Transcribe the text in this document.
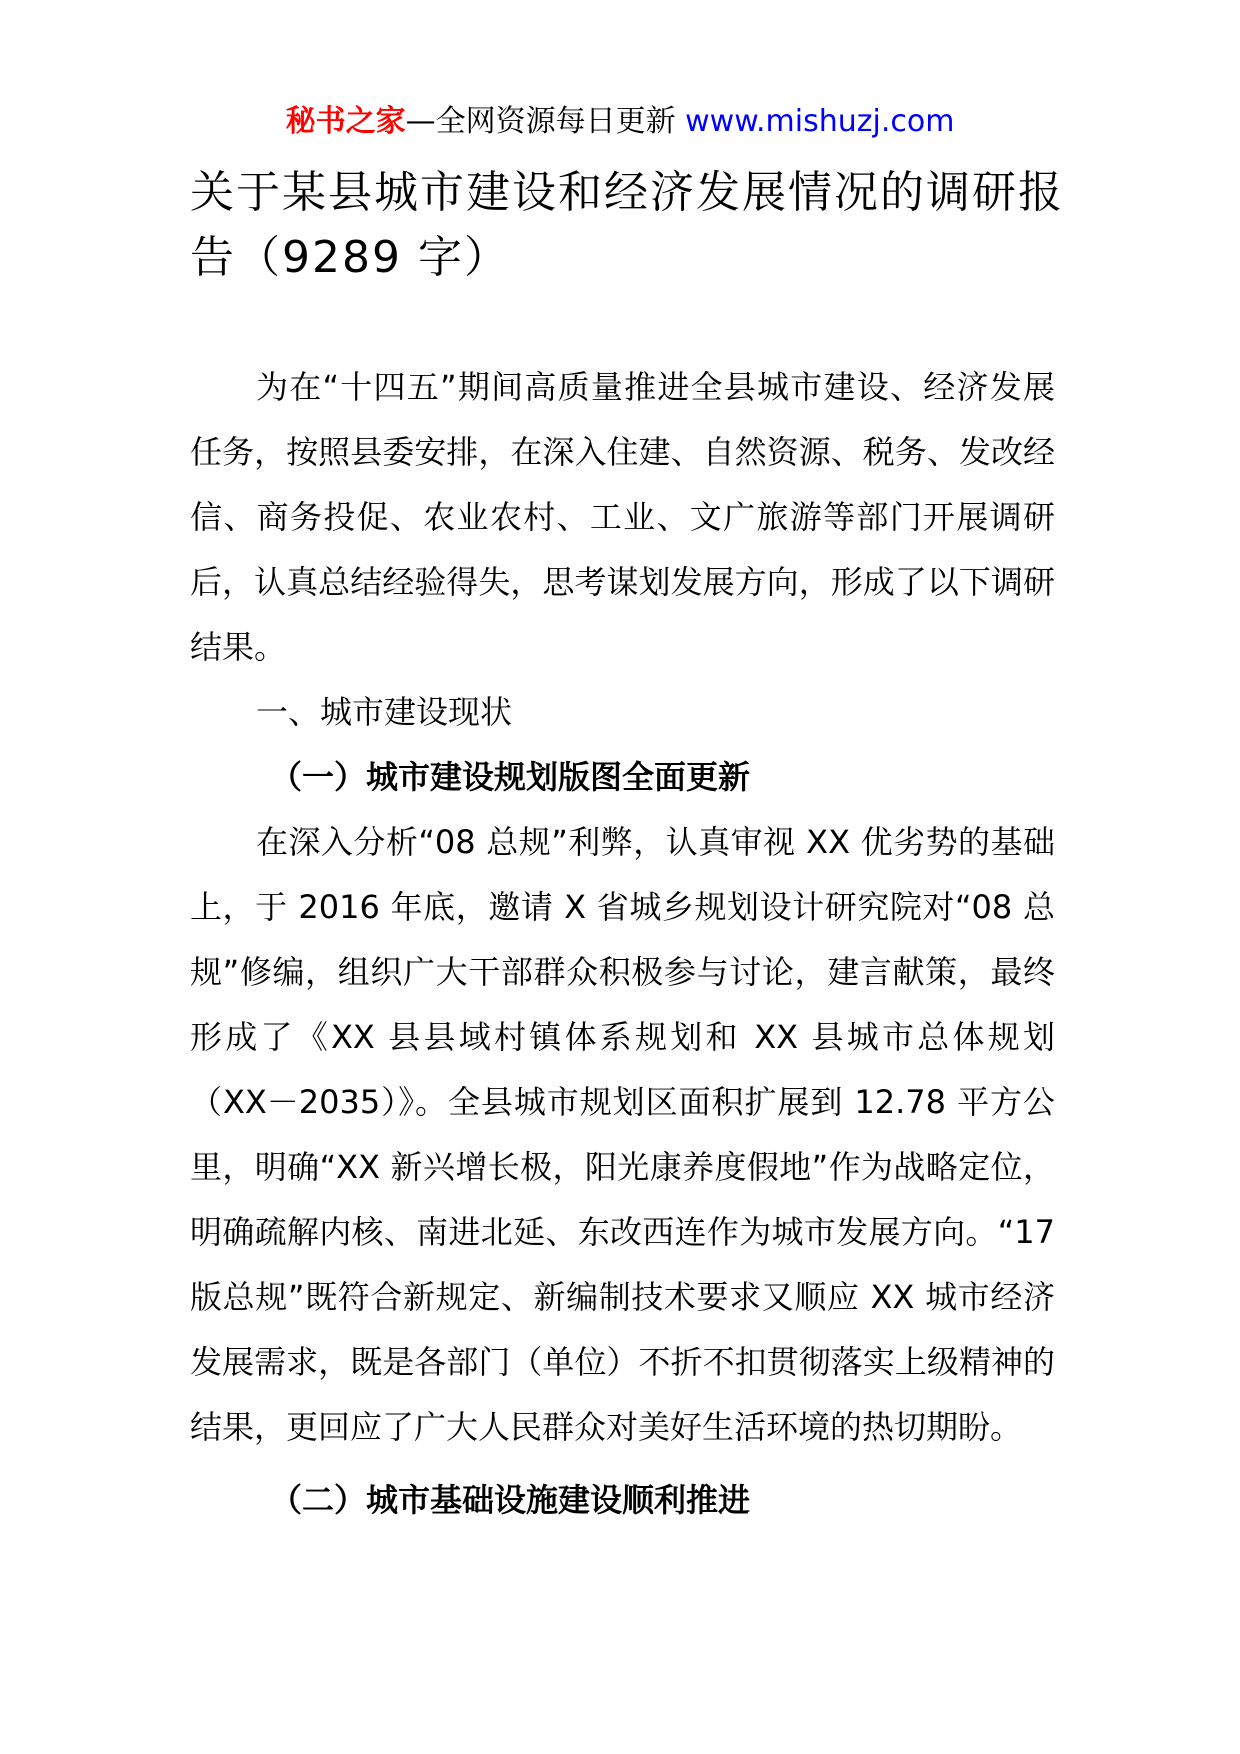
秘书之家—全网资源每日更新 www.mishuzj.com
关于某县城市建设和经济发展情况的调研报告（9289 字）

为在“十四五”期间高质量推进全县城市建设、经济发展任务，按照县委安排，在深入住建、自然资源、税务、发改经信、商务投促、农业农村、工业、文广旅游等部门开展调研后，认真总结经验得失，思考谋划发展方向，形成了以下调研结果。

一、城市建设现状

（一）城市建设规划版图全面更新

在深入分析“08 总规”利弊，认真审视 XX 优劣势的基础上，于 2016 年底，邀请 X 省城乡规划设计研究院对“08 总规”修编，组织广大干部群众积极参与讨论，建言献策，最终形成了《XX 县县域村镇体系规划和 XX 县城市总体规划（XX－2035）》。全县城市规划区面积扩展到 12.78 平方公里，明确“XX 新兴增长极，阳光康养度假地”作为战略定位，明确疏解内核、南进北延、东改西连作为城市发展方向。“17 版总规”既符合新规定、新编制技术要求又顺应 XX 城市经济发展需求，既是各部门（单位）不折不扣贯彻落实上级精神的结果，更回应了广大人民群众对美好生活环境的热切期盼。

（二）城市基础设施建设顺利推进
